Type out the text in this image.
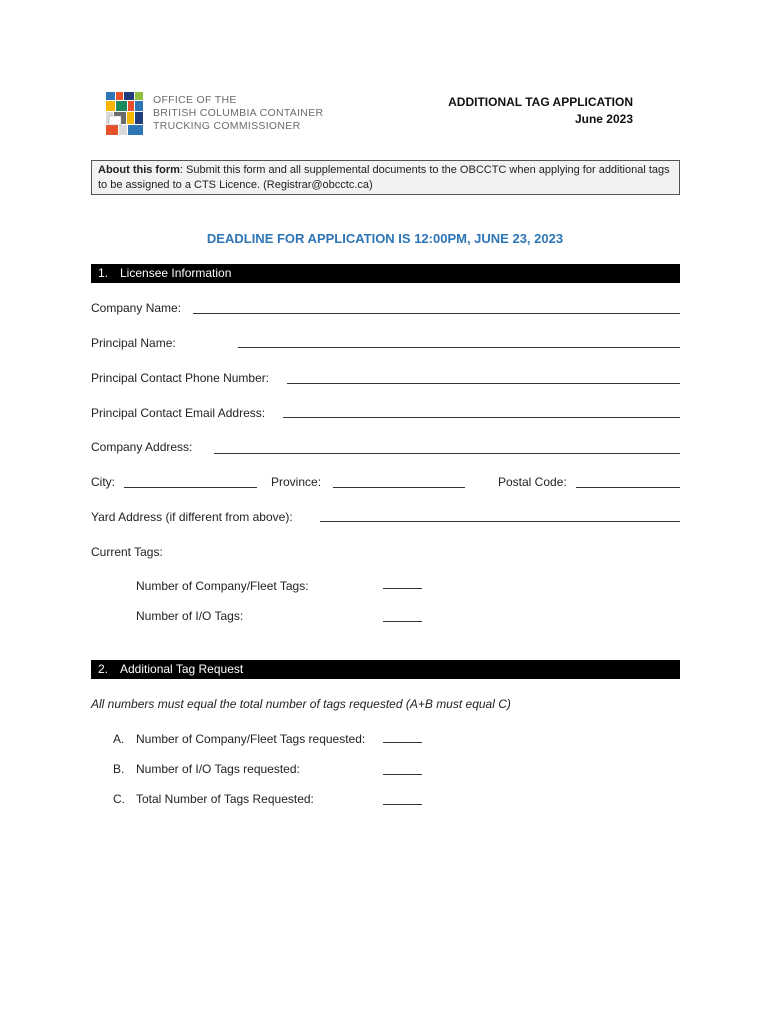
OFFICE OF THE
BRITISH COLUMBIA CONTAINER
TRUCKING COMMISSIONER
ADDITIONAL TAG APPLICATION
June 2023
About this form: Submit this form and all supplemental documents to the OBCCTC when applying for additional tags to be assigned to a CTS Licence. (Registrar@obcctc.ca)
DEADLINE FOR APPLICATION IS 12:00PM, JUNE 23, 2023
1. Licensee Information
Company Name:
Principal Name:
Principal Contact Phone Number:
Principal Contact Email Address:
Company Address:
City:	Province:	Postal Code:
Yard Address (if different from above):
Current Tags:
Number of Company/Fleet Tags:
Number of I/O Tags:
2. Additional Tag Request
All numbers must equal the total number of tags requested (A+B must equal C)
A. Number of Company/Fleet Tags requested:
B. Number of I/O Tags requested:
C. Total Number of Tags Requested:
